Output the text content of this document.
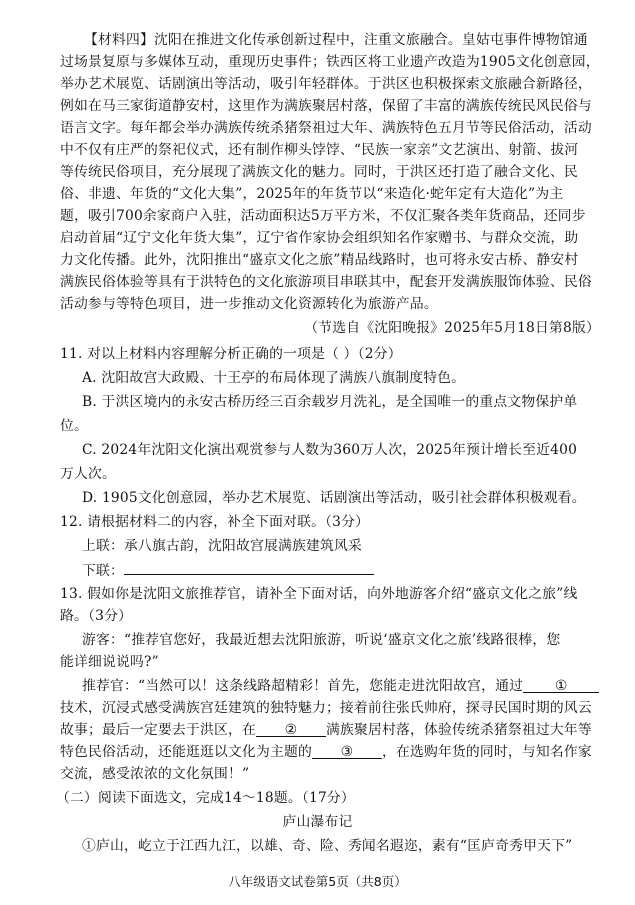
【材料四】沈阳在推进文化传承创新过程中，注重文旅融合。皇姑屯事件博物馆通
过场景复原与多媒体互动，重现历史事件；铁西区将工业遗产改造为1905文化创意园，
举办艺术展览、话剧演出等活动，吸引年轻群体。于洪区也积极探索文旅融合新路径，
例如在马三家街道静安村，这里作为满族聚居村落，保留了丰富的满族传统民风民俗与
语言文字。每年都会举办满族传统杀猪祭祖过大年、满族特色五月节等民俗活动，活动
中不仅有庄严的祭祀仪式，还有制作柳头饽饽、“民族一家亲”文艺演出、射箭、拔河
等传统民俗项目，充分展现了满族文化的魅力。同时，于洪区还打造了融合文化、民
俗、非遗、年货的“文化大集”，2025年的年货节以“来造化·蛇年定有大造化”为主
题，吸引700余家商户入驻，活动面积达5万平方米，不仅汇聚各类年货商品，还同步
启动首届“辽宁文化年货大集”，辽宁省作家协会组织知名作家赠书、与群众交流，助
力文化传播。此外，沈阳推出“盛京文化之旅”精品线路时，也可将永安古桥、静安村
满族民俗体验等具有于洪特色的文化旅游项目串联其中，配套开发满族服饰体验、民俗
活动参与等特色项目，进一步推动文化资源转化为旅游产品。
（节选自《沈阳晚报》2025年5月18日第8版）
11. 对以上材料内容理解分析正确的一项是（ ）（2分）
A. 沈阳故宫大政殿、十王亭的布局体现了满族八旗制度特色。
B. 于洪区境内的永安古桥历经三百余载岁月洗礼，是全国唯一的重点文物保护单
位。
C. 2024年沈阳文化演出观赏参与人数为360万人次，2025年预计增长至近400
万人次。
D. 1905文化创意园，举办艺术展览、话剧演出等活动，吸引社会群体积极观看。
12. 请根据材料二的内容，补全下面对联。（3分）
上联：承八旗古韵，沈阳故宫展满族建筑风采
下联：
13. 假如你是沈阳文旅推荐官，请补全下面对话，向外地游客介绍“盛京文化之旅”线
路。（3分）
游客：“推荐官您好，我最近想去沈阳旅游，听说‘盛京文化之旅’线路很棒，您
能详细说说吗?”
推荐官：“当然可以！这条线路超精彩！首先，您能走进沈阳故宫，通过 ①
技术，沉浸式感受满族宫廷建筑的独特魅力；接着前往张氏帅府，探寻民国时期的风云
故事；最后一定要去于洪区，在 ② 满族聚居村落，体验传统杀猪祭祖过大年等
特色民俗活动，还能逛逛以文化为主题的 ③ ，在选购年货的同时，与知名作家
交流，感受浓浓的文化氛围！”
（二）阅读下面选文，完成14～18题。（17分）
庐山瀑布记
①庐山，屹立于江西九江，以雄、奇、险、秀闻名遐迩，素有“匡庐奇秀甲天下”
八年级语文试卷第5页（共8页）
